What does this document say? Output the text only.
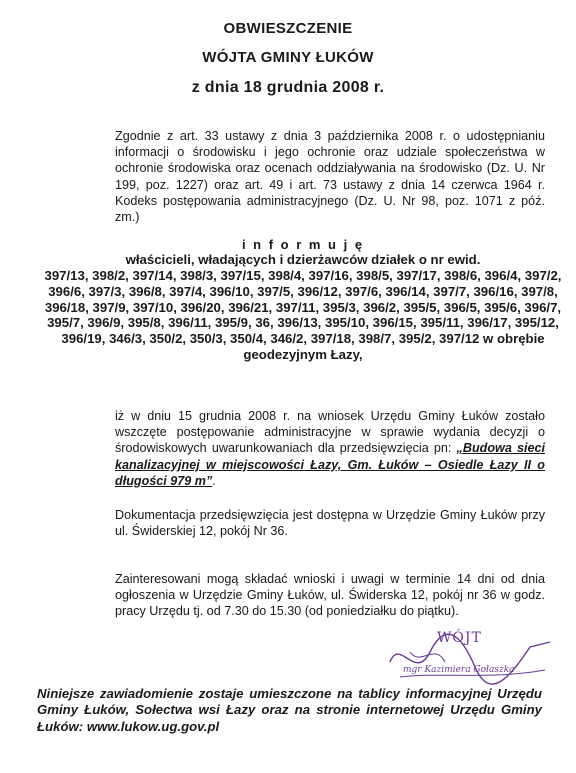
OBWIESZCZENIE
WÓJTA GMINY ŁUKÓW
z dnia 18 grudnia 2008 r.

Zgodnie z art. 33 ustawy z dnia 3 października 2008 r. o udostępnianiu informacji o środowisku i jego ochronie oraz udziale społeczeństwa w ochronie środowiska oraz ocenach oddziaływania na środowisko (Dz. U. Nr 199, poz. 1227) oraz art. 49 i art. 73 ustawy z dnia 14 czerwca 1964 r. Kodeks postępowania administracyjnego (Dz. U. Nr 98, poz. 1071 z póź. zm.)

i n f o r m u j ę
właścicieli, władających i dzierżawców działek o nr ewid.
397/13, 398/2, 397/14, 398/3, 397/15, 398/4, 397/16, 398/5, 397/17, 398/6, 396/4, 397/2, 396/6, 397/3, 396/8, 397/4, 396/10, 397/5, 396/12, 397/6, 396/14, 397/7, 396/16, 397/8, 396/18, 397/9, 397/10, 396/20, 396/21, 397/11, 395/3, 396/2, 395/5, 396/5, 395/6, 396/7, 395/7, 396/9, 395/8, 396/11, 395/9, 36, 396/13, 395/10, 396/15, 395/11, 396/17, 395/12, 396/19, 346/3, 350/2, 350/3, 350/4, 346/2, 397/18, 398/7, 395/2, 397/12 w obrębie geodezyjnym Łazy,

iż w dniu 15 grudnia 2008 r. na wniosek Urzędu Gminy Łuków zostało wszczęte postępowanie administracyjne w sprawie wydania decyzji o środowiskowych uwarunkowaniach dla przedsięwzięcia pn: „Budowa sieci kanalizacyjnej w miejscowości Łazy, Gm. Łuków – Osiedle Łazy II o długości 979 m”.

Dokumentacja przedsięwzięcia jest dostępna w Urzędzie Gminy Łuków przy ul. Świderskiej 12, pokój Nr 36.

Zainteresowani mogą składać wnioski i uwagi w terminie 14 dni od dnia ogłoszenia w Urzędzie Gminy Łuków, ul. Świderska 12, pokój nr 36 w godz. pracy Urzędu tj. od 7.30 do 15.30 (od poniedziałku do piątku).

WÓJT
mgr Kazimiera Gołaszka

Niniejsze zawiadomienie zostaje umieszczone na tablicy informacyjnej Urzędu Gminy Łuków, Sołectwa wsi Łazy oraz na stronie internetowej Urzędu Gminy Łuków: www.lukow.ug.gov.pl
